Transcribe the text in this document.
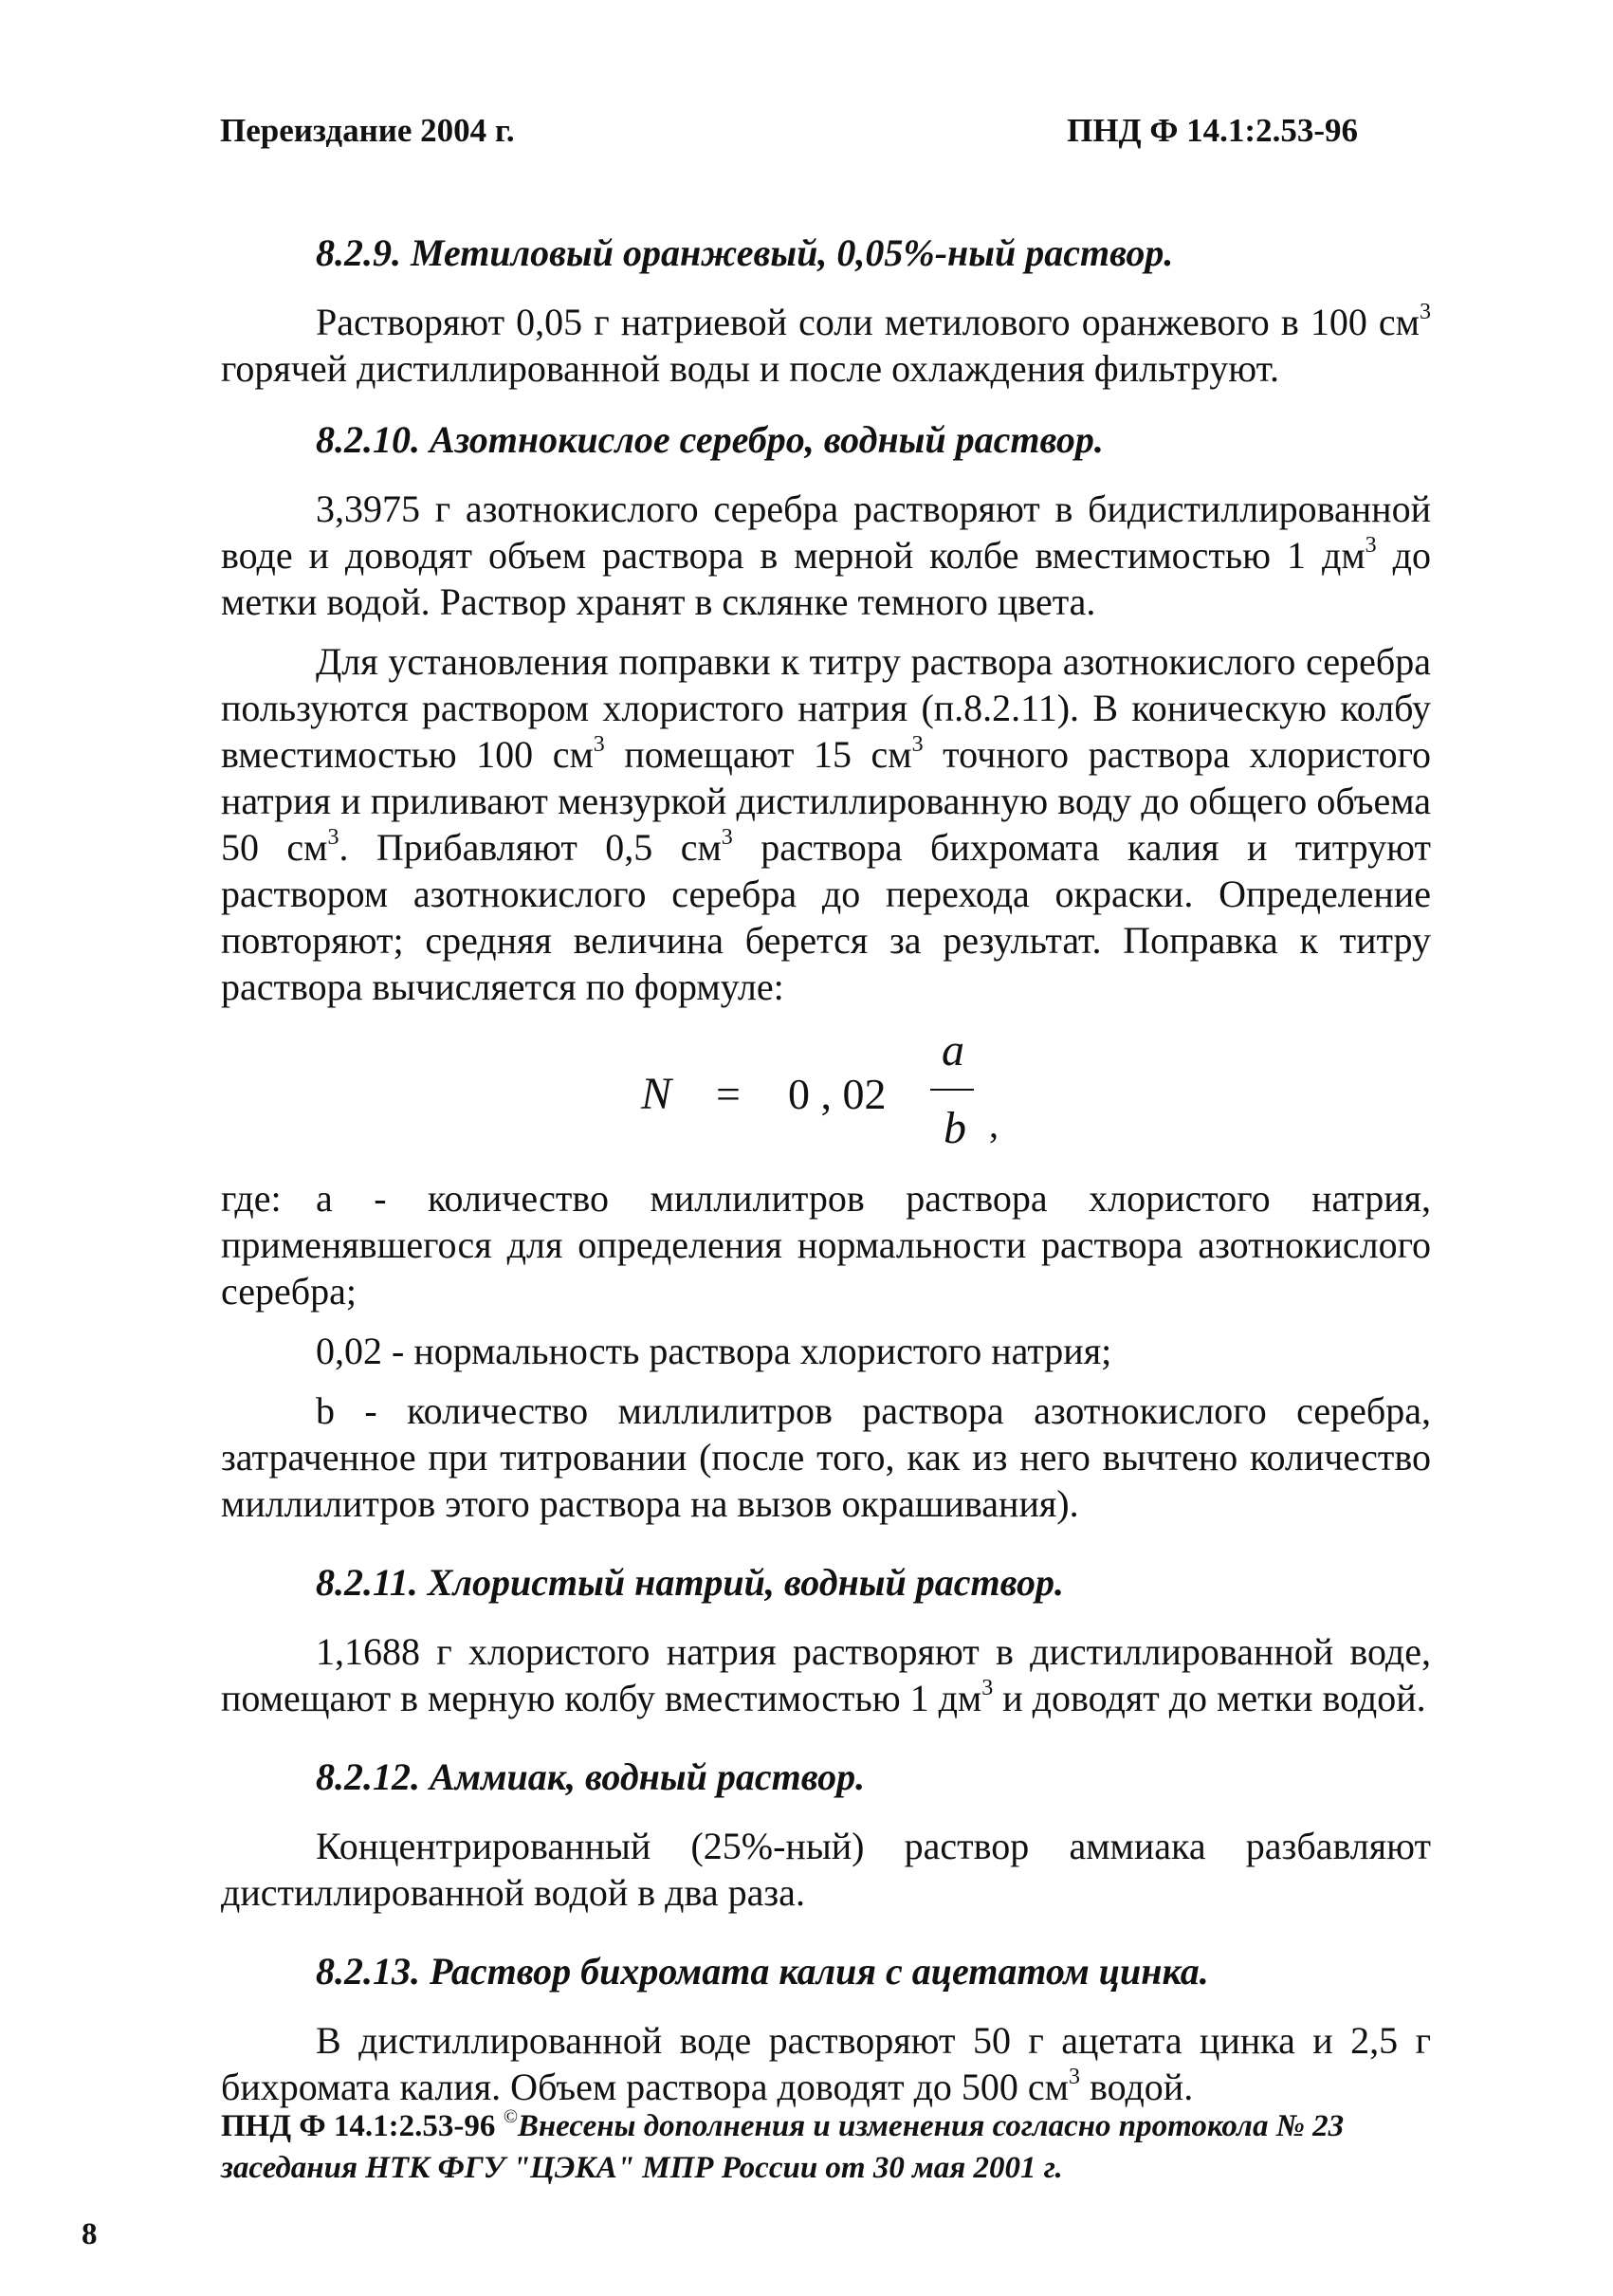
Переиздание 2004 г.	ПНД Ф 14.1:2.53-96

8.2.9. Метиловый оранжевый, 0,05%-ный раствор.

Растворяют 0,05 г натриевой соли метилового оранжевого в 100 $см^3$ горячей дистиллированной воды и после охлаждения фильтруют.

8.2.10. Азотнокислое серебро, водный раствор.

3,3975 г азотнокислого серебра растворяют в бидистиллированной воде и доводят объем раствора в мерной колбе вместимостью 1 $дм^3$ до метки водой. Раствор хранят в склянке темного цвета.

Для установления поправки к титру раствора азотнокислого серебра пользуются раствором хлористого натрия (п.8.2.11). В коническую колбу вместимостью 100 $см^3$ помещают 15 $см^3$ точного раствора хлористого натрия и приливают мензуркой дистиллированную воду до общего объема 50 $см^3$. Прибавляют 0,5 $см^3$ раствора бихромата калия и титруют раствором азотнокислого серебра до перехода окраски. Определение повторяют; средняя величина берется за результат. Поправка к титру раствора вычисляется по формуле:

N = 0 , 02
a
b ,
где: а - количество миллилитров раствора хлористого натрия, применявшегося для определения нормальности раствора азотнокислого серебра;

0,02 - нормальность раствора хлористого натрия;

b - количество миллилитров раствора азотнокислого серебра, затраченное при титровании (после того, как из него вычтено количество миллилитров этого раствора на вызов окрашивания).

8.2.11. Хлористый натрий, водный раствор.

1,1688 г хлористого натрия растворяют в дистиллированной воде, помещают в мерную колбу вместимостью 1 $дм^3$ и доводят до метки водой.

8.2.12. Аммиак, водный раствор.

Концентрированный (25%-ный) раствор аммиака разбавляют дистиллированной водой в два раза.

8.2.13. Раствор бихромата калия с ацетатом цинка.

В дистиллированной воде растворяют 50 г ацетата цинка и 2,5 г бихромата калия. Объем раствора доводят до 500 $см^3$ водой.

ПНД Ф 14.1:2.53-96 ©Внесены дополнения и изменения согласно протокола № 23 заседания НТК ФГУ "ЦЭКА" МПР России от 30 мая 2001 г.
8
